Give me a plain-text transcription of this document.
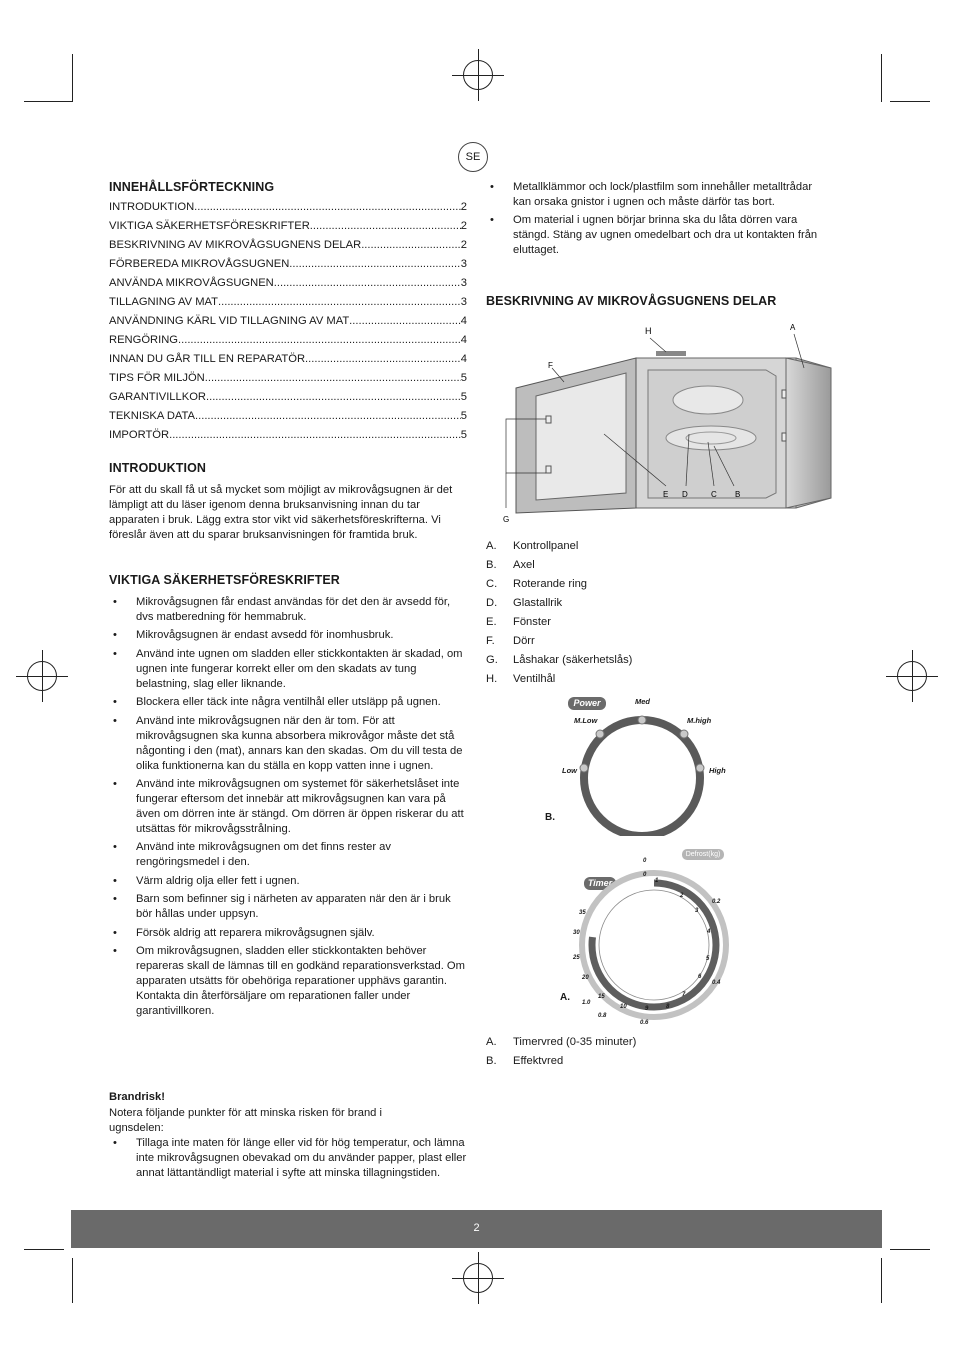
SE
INNEHÅLLSFÖRTECKNING
INTRODUKTION .....	2
VIKTIGA SÄKERHETSFÖRESKRIFTER .....	2
BESKRIVNING AV MIKROVÅGSUGNENS DELAR .....	2
FÖRBEREDA MIKROVÅGSUGNEN .....	3
ANVÄNDA MIKROVÅGSUGNEN .....	3
TILLAGNING AV MAT .....	3
ANVÄNDNING KÄRL VID TILLAGNING AV MAT .....	4
RENGÖRING .....	4
INNAN DU GÅR TILL EN REPARATÖR .....	4
TIPS FÖR MILJÖN .....	5
GARANTIVILLKOR .....	5
TEKNISKA DATA .....	5
IMPORTÖR .....	5
INTRODUKTION

För att du skall få ut så mycket som möjligt av mikrovågsugnen är det lämpligt att du läser igenom denna bruksanvisning innan du tar apparaten i bruk. Lägg extra stor vikt vid säkerhetsföreskrifterna. Vi föreslår även att du sparar bruksanvisningen för framtida bruk.

VIKTIGA SÄKERHETSFÖRESKRIFTER
• Mikrovågsugnen får endast användas för det den är avsedd för, dvs matberedning för hemmabruk.
• Mikrovågsugnen är endast avsedd för inomhusbruk.
• Använd inte ugnen om sladden eller stickkontakten är skadad, om ugnen inte fungerar korrekt eller om den skadats av tung belastning, slag eller liknande.
• Blockera eller täck inte några ventilhål eller utsläpp på ugnen.
• Använd inte mikrovågsugnen när den är tom. För att mikrovågsugnen ska kunna absorbera mikrovågor måste det stå någonting i den (mat), annars kan den skadas. Om du vill testa de olika funktionerna kan du ställa en kopp vatten inne i ugnen.
• Använd inte mikrovågsugnen om systemet för säkerhetslåset inte fungerar eftersom det innebär att mikrovågsugnen kan vara på även om dörren inte är stängd. Om dörren är öppen riskerar du att utsättas för mikrovågsstrålning.
• Använd inte mikrovågsugnen om det finns rester av rengöringsmedel i den.
• Värm aldrig olja eller fett i ugnen.
• Barn som befinner sig i närheten av apparaten när den är i bruk bör hållas under uppsyn.
• Försök aldrig att reparera mikrovågsugnen själv.
• Om mikrovågsugnen, sladden eller stickkontakten behöver repareras skall de lämnas till en godkänd reparationsverkstad. Om apparaten utsätts för obehöriga reparationer upphävs garantin. Kontakta din återförsäljare om reparationen faller under garantivillkoren.
Brandrisk!

Notera följande punkter för att minska risken för brand i ugnsdelen:

• Tillaga inte maten för länge eller vid för hög temperatur, och lämna inte mikrovågsugnen obevakad om du använder papper, plast eller annat lättantändligt material i syfte att minska tillagningstiden.
• Metallklämmor och lock/plastfilm som innehåller metalltrådar kan orsaka gnistor i ugnen och måste därför tas bort.
• Om material i ugnen börjar brinna ska du låta dörren vara stängd. Stäng av ugnen omedelbart och dra ut kontakten från eluttaget.
BESKRIVNING AV MIKROVÅGSUGNENS DELAR
H	A
F
E D	C B
G
A.	Kontrollpanel
B.	Axel
C.	Roterande ring
D.	Glastallrik
E.	Fönster
F.	Dörr
G.	Låshakar (säkerhetslås)
H.	Ventilhål
Power
Low
M.Low
Med
M.high
High
B.
Defrost(kg)
Timer
0
1
2
3
4
5
6
7
8
9
10
15
20
25
30
35
0
0.2
0.4
0.6
0.8
1.0
A.
A.	Timervred (0-35 minuter)
B.	Effektvred
2
